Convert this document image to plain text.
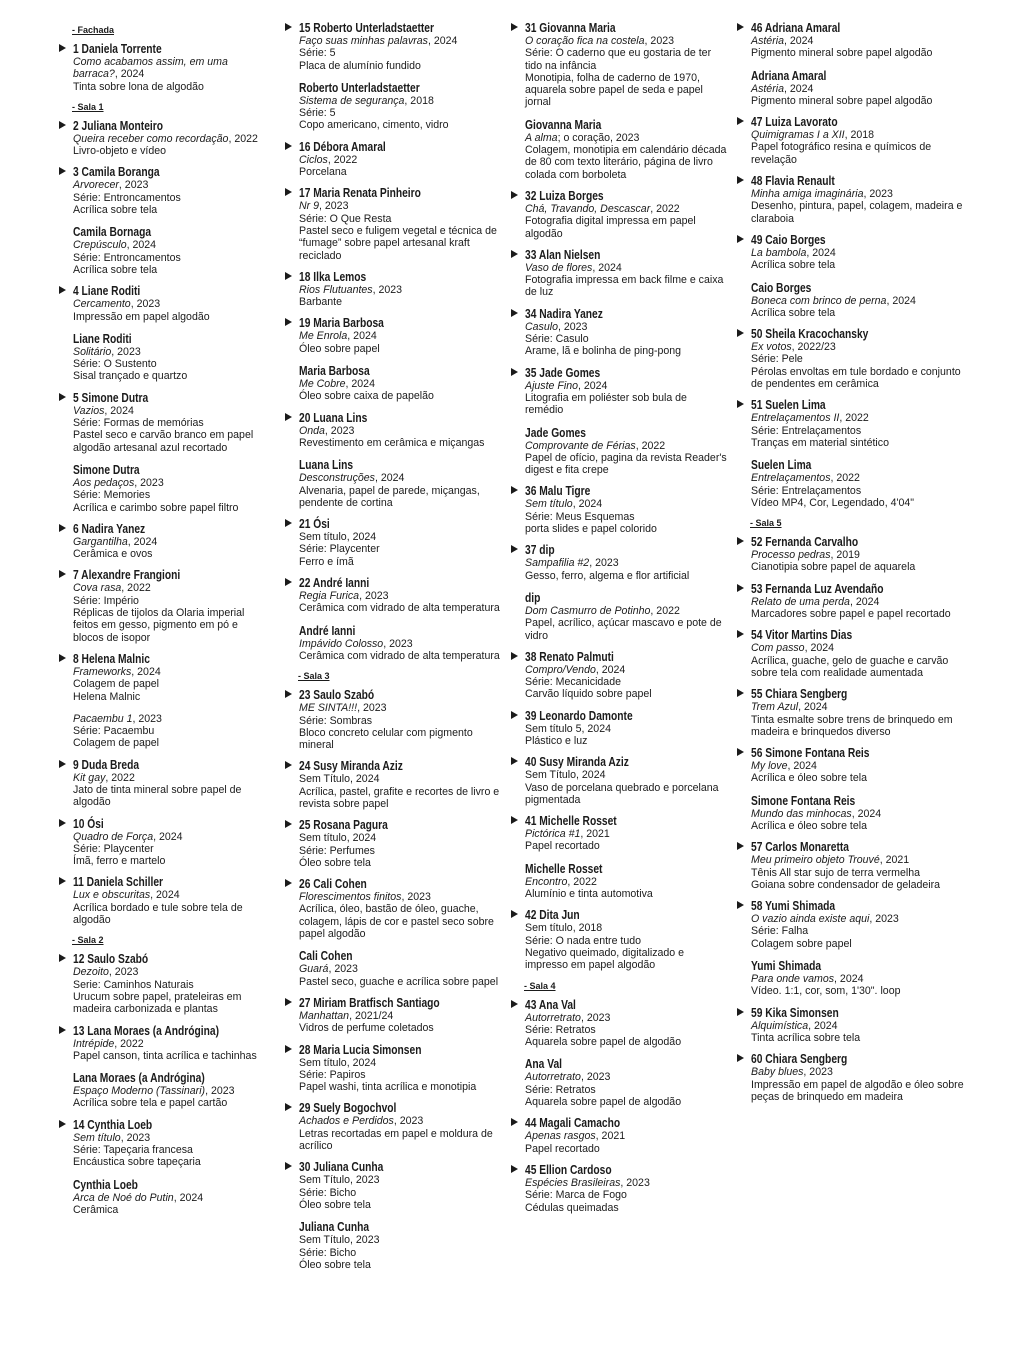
- Fachada
1 Daniela Torrente
Como acabamos assim, em uma barraca?, 2024
Tinta sobre lona de algodão
- Sala 1
2 Juliana Monteiro
Queira receber como recordação, 2022
Livro-objeto e vídeo
3 Camila Boranga
Arvorecer, 2023
Série: Entroncamentos
Acrílica sobre tela
Camila Bornaga
Crepúsculo, 2024
Série: Entroncamentos
Acrílica sobre tela
4 Liane Roditi
Cercamento, 2023
Impressão em papel algodão
Liane Roditi
Solitário, 2023
Série: O Sustento
Sisal trançado e quartzo
5 Simone Dutra
Vazios, 2024
Série: Formas de memórias
Pastel seco e carvão branco em papel algodão artesanal azul recortado
Simone Dutra
Aos pedaços, 2023
Série: Memories
Acrílica e carimbo sobre papel filtro
6 Nadira Yanez
Gargantilha, 2024
Cerâmica e ovos
7 Alexandre Frangioni
Cova rasa, 2022
Série: Império
Réplicas de tijolos da Olaria imperial feitos em gesso, pigmento em pó e blocos de isopor
8 Helena Malnic
Frameworks, 2024
Colagem de papel
Helena Malnic
Pacaembu 1, 2023
Série: Pacaembu
Colagem de papel
9 Duda Breda
Kit gay, 2022
Jato de tinta mineral sobre papel de algodão
10 Ósi
Quadro de Força, 2024
Série: Playcenter
Ímã, ferro e martelo
11 Daniela Schiller
Lux e obscuritas, 2024
Acrílica bordado e tule sobre tela de algodão
- Sala 2
12 Saulo Szabó
Dezoito, 2023
Serie: Caminhos Naturais
Urucum sobre papel, prateleiras em madeira carbonizada e plantas
13 Lana Moraes (a Andrógina)
Intrépide, 2022
Papel canson, tinta acrílica e tachinhas
Lana Moraes (a Andrógina)
Espaço Moderno (Tassinari), 2023
Acrílica sobre tela e papel cartão
14 Cynthia Loeb
Sem título, 2023
Série: Tapeçaria francesa
Encáustica sobre tapeçaria
Cynthia Loeb
Arca de Noé do Putin, 2024
Cerâmica
15 Roberto Unterladstaetter
Faço suas minhas palavras, 2024
Série: 5
Placa de alumínio fundido
Roberto Unterladstaetter
Sistema de segurança, 2018
Série: 5
Copo americano, cimento, vidro
16 Débora Amaral
Ciclos, 2022
Porcelana
17 Maria Renata Pinheiro
Nr 9, 2023
Série: O Que Resta
Pastel seco e fuligem vegetal e técnica de “fumage” sobre papel artesanal kraft reciclado
18 Ilka Lemos
Rios Flutuantes, 2023
Barbante
19 Maria Barbosa
Me Enrola, 2024
Óleo sobre papel
Maria Barbosa
Me Cobre, 2024
Óleo sobre caixa de papelão
20 Luana Lins
Onda, 2023
Revestimento em cerâmica e miçangas
Luana Lins
Desconstruções, 2024
Alvenaria, papel de parede, miçangas, pendente de cortina
21 Ósi
Sem título, 2024
Série: Playcenter
Ferro e ímã
22 André Ianni
Regia Furica, 2023
Cerâmica com vidrado de alta temperatura
André Ianni
Impávido Colosso, 2023
Cerâmica com vidrado de alta temperatura
- Sala 3
23 Saulo Szabó
ME SINTA!!!, 2023
Série: Sombras
Bloco concreto celular com pigmento mineral
24 Susy Miranda Aziz
Sem Título, 2024
Acrílica, pastel, grafite e recortes de livro e revista sobre papel
25 Rosana Pagura
Sem título, 2024
Série: Perfumes
Óleo sobre tela
26 Cali Cohen
Florescimentos finitos, 2023
Acrílica, óleo, bastão de óleo, guache, colagem, lápis de cor e pastel seco sobre papel algodão
Cali Cohen
Guará, 2023
Pastel seco, guache e acrílica sobre papel
27 Miriam Bratfisch Santiago
Manhattan, 2021/24
Vidros de perfume coletados
28 Maria Lucia Simonsen
Sem título, 2024
Série: Papiros
Papel washi, tinta acrílica e monotipia
29 Suely Bogochvol
Achados e Perdidos, 2023
Letras recortadas em papel e moldura de acrílico
30 Juliana Cunha
Sem Título, 2023
Série: Bicho
Óleo sobre tela
Juliana Cunha
Sem Título, 2023
Série: Bicho
Óleo sobre tela
31 Giovanna Maria
O coração fica na costela, 2023
Série: O caderno que eu gostaria de ter tido na infância
Monotipia, folha de caderno de 1970, aquarela sobre papel de seda e papel jornal
Giovanna Maria
A alma; o coração, 2023
Colagem, monotipia em calendário década de 80 com texto literário, página de livro colada com borboleta
32 Luiza Borges
Chá, Travando, Descascar, 2022
Fotografia digital impressa em papel algodão
33 Alan Nielsen
Vaso de flores, 2024
Fotografia impressa em back filme e caixa de luz
34 Nadira Yanez
Casulo, 2023
Série: Casulo
Arame, lã e bolinha de ping-pong
35 Jade Gomes
Ajuste Fino, 2024
Litografia em poliéster sob bula de remédio
Jade Gomes
Comprovante de Férias, 2022
Papel de ofício, pagina da revista Reader's digest e fita crepe
36 Malu Tigre
Sem título, 2024
Série: Meus Esquemas
porta slides e papel colorido
37 dip
Sampafilia #2, 2023
Gesso, ferro, algema e flor artificial
dip
Dom Casmurro de Potinho, 2022
Papel, acrílico, açúcar mascavo e pote de vidro
38 Renato Palmuti
Compro/Vendo, 2024
Série: Mecanicidade
Carvão líquido sobre papel
39 Leonardo Damonte
Sem título 5, 2024
Plástico e luz
40 Susy Miranda Aziz
Sem Título, 2024
Vaso de porcelana quebrado e porcelana pigmentada
41 Michelle Rosset
Pictórica #1, 2021
Papel recortado
Michelle Rosset
Encontro, 2022
Alumínio e tinta automotiva
42 Dita Jun
Sem título, 2018
Série: O nada entre tudo
Negativo queimado, digitalizado e impresso em papel algodão
- Sala 4
43 Ana Val
Autorretrato, 2023
Série: Retratos
Aquarela sobre papel de algodão
Ana Val
Autorretrato, 2023
Série: Retratos
Aquarela sobre papel de algodão
44 Magali Camacho
Apenas rasgos, 2021
Papel recortado
45 Ellion Cardoso
Espécies Brasileiras, 2023
Série: Marca de Fogo
Cédulas queimadas
46 Adriana Amaral
Astéria, 2024
Pigmento mineral sobre papel algodão
Adriana Amaral
Astéria, 2024
Pigmento mineral sobre papel algodão
47 Luiza Lavorato
Quimigramas I a XII, 2018
Papel fotográfico resina e químicos de revelação
48 Flavia Renault
Minha amiga imaginária, 2023
Desenho, pintura, papel, colagem, madeira e claraboia
49 Caio Borges
La bambola, 2024
Acrílica sobre tela
Caio Borges
Boneca com brinco de perna, 2024
Acrílica sobre tela
50 Sheila Kracochansky
Ex votos, 2022/23
Série: Pele
Pérolas envoltas em tule bordado e conjunto de pendentes em cerâmica
51 Suelen Lima
Entrelaçamentos II, 2022
Série: Entrelaçamentos
Tranças em material sintético
Suelen Lima
Entrelaçamentos, 2022
Série: Entrelaçamentos
Vídeo MP4, Cor, Legendado, 4'04"
- Sala 5
52 Fernanda Carvalho
Processo pedras, 2019
Cianotipia sobre papel de aquarela
53 Fernanda Luz Avendaño
Relato de uma perda, 2024
Marcadores sobre papel e papel recortado
54 Vitor Martins Dias
Com passo, 2024
Acrílica, guache, gelo de guache e carvão sobre tela com realidade aumentada
55 Chiara Sengberg
Trem Azul, 2024
Tinta esmalte sobre trens de brinquedo em madeira e brinquedos diverso
56 Simone Fontana Reis
My love, 2024
Acrílica e óleo sobre tela
Simone Fontana Reis
Mundo das minhocas, 2024
Acrílica e óleo sobre tela
57 Carlos Monaretta
Meu primeiro objeto Trouvé, 2021
Tênis All star sujo de terra vermelha
Goiana sobre condensador de geladeira
58 Yumi Shimada
O vazio ainda existe aqui, 2023
Série: Falha
Colagem sobre papel
Yumi Shimada
Para onde vamos, 2024
Vídeo. 1:1, cor, som, 1'30". loop
59 Kika Simonsen
Alquimística, 2024
Tinta acrílica sobre tela
60 Chiara Sengberg
Baby blues, 2023
Impressão em papel de algodão e óleo sobre peças de brinquedo em madeira
